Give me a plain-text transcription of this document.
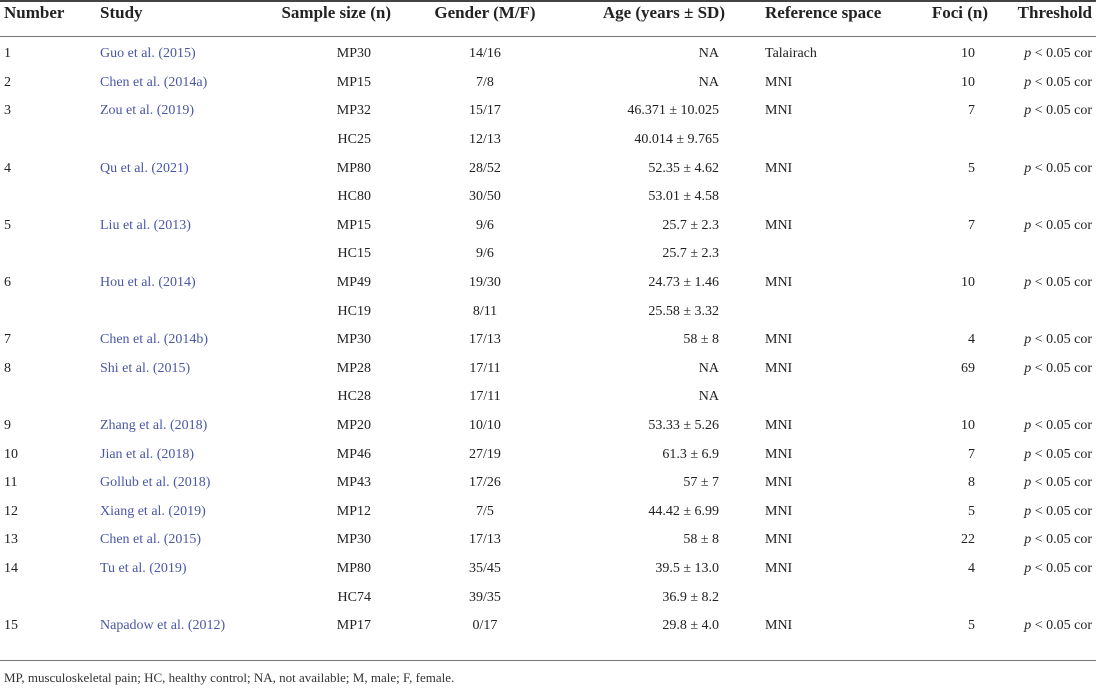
Number	Study	Sample size (n)	Gender (M/F)	Age (years ± SD)	Reference space	Foci (n)	Threshold

1	Guo et al. (2015)	MP30	14/16	NA	Talairach	10	p < 0.05 cor
2	Chen et al. (2014a)	MP15	7/8	NA	MNI	10	p < 0.05 cor
3	Zou et al. (2019)	MP32	15/17	46.371 ± 10.025	MNI	7	p < 0.05 cor
		HC25	12/13	40.014 ± 9.765			
4	Qu et al. (2021)	MP80	28/52	52.35 ± 4.62	MNI	5	p < 0.05 cor
		HC80	30/50	53.01 ± 4.58			
5	Liu et al. (2013)	MP15	9/6	25.7 ± 2.3	MNI	7	p < 0.05 cor
		HC15	9/6	25.7 ± 2.3			
6	Hou et al. (2014)	MP49	19/30	24.73 ± 1.46	MNI	10	p < 0.05 cor
		HC19	8/11	25.58 ± 3.32			
7	Chen et al. (2014b)	MP30	17/13	58 ± 8	MNI	4	p < 0.05 cor
8	Shi et al. (2015)	MP28	17/11	NA	MNI	69	p < 0.05 cor
		HC28	17/11	NA			
9	Zhang et al. (2018)	MP20	10/10	53.33 ± 5.26	MNI	10	p < 0.05 cor
10	Jian et al. (2018)	MP46	27/19	61.3 ± 6.9	MNI	7	p < 0.05 cor
11	Gollub et al. (2018)	MP43	17/26	57 ± 7	MNI	8	p < 0.05 cor
12	Xiang et al. (2019)	MP12	7/5	44.42 ± 6.99	MNI	5	p < 0.05 cor
13	Chen et al. (2015)	MP30	17/13	58 ± 8	MNI	22	p < 0.05 cor
14	Tu et al. (2019)	MP80	35/45	39.5 ± 13.0	MNI	4	p < 0.05 cor
		HC74	39/35	36.9 ± 8.2			
15	Napadow et al. (2012)	MP17	0/17	29.8 ± 4.0	MNI	5	p < 0.05 cor
MP, musculoskeletal pain; HC, healthy control; NA, not available; M, male; F, female.
